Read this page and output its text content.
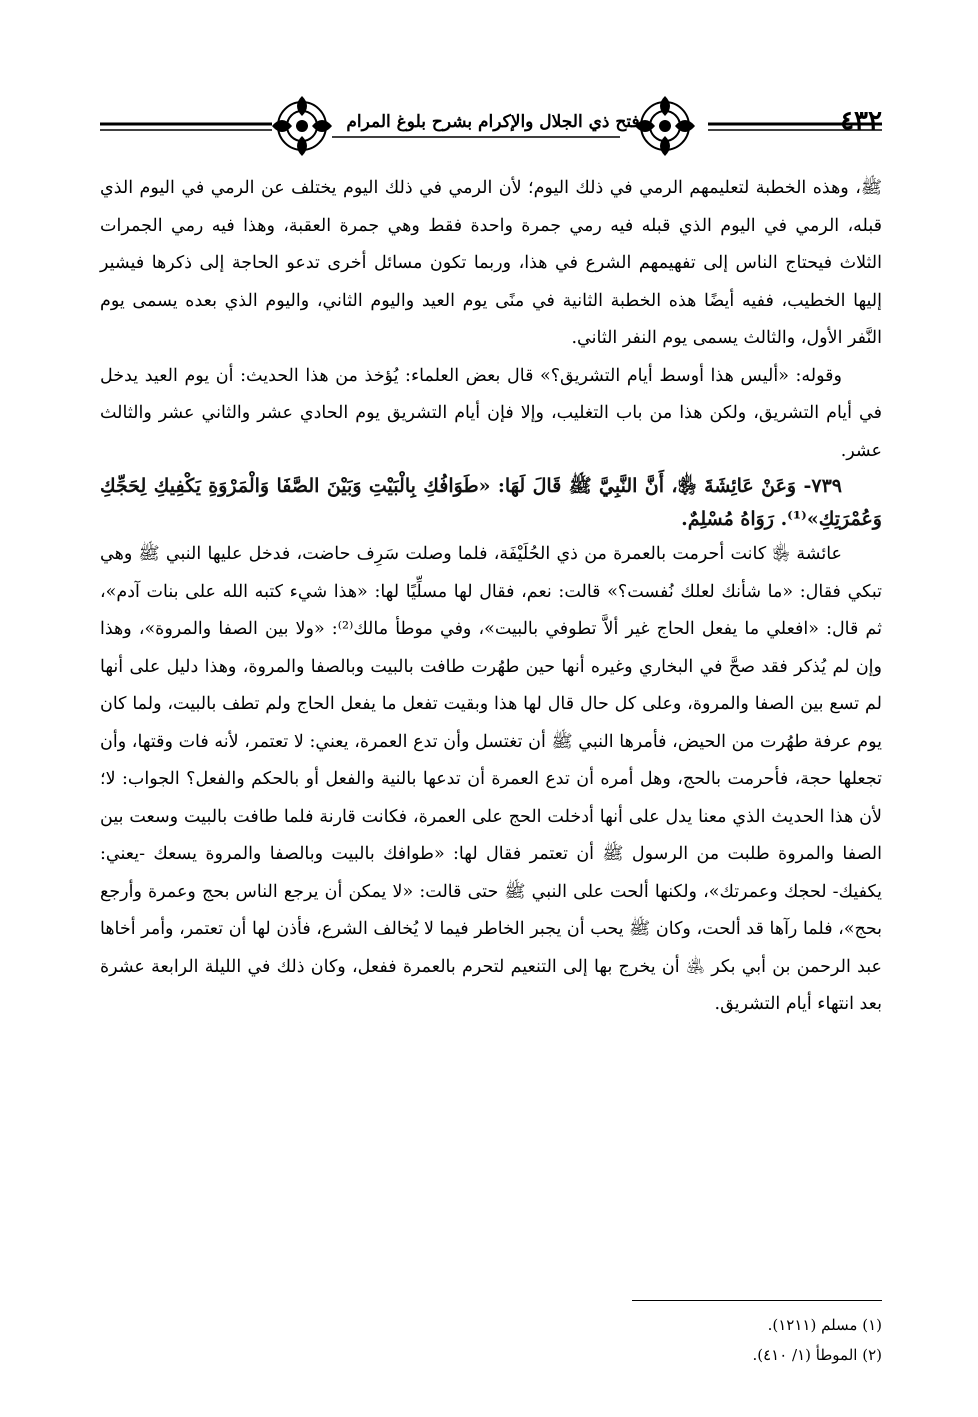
٤٣٢
فتح ذي الجلال والإكرام بشرح بلوغ المرام

ﷺ، وهذه الخطبة لتعليمهم الرمي في ذلك اليوم؛ لأن الرمي في ذلك اليوم يختلف عن الرمي في اليوم الذي قبله، الرمي في اليوم الذي قبله فيه رمي جمرة واحدة فقط وهي جمرة العقبة، وهذا فيه رمي الجمرات الثلاث فيحتاج الناس إلى تفهيمهم الشرع في هذا، وربما تكون مسائل أخرى تدعو الحاجة إلى ذكرها فيشير إليها الخطيب، ففيه أيضًا هذه الخطبة الثانية في منًى يوم العيد واليوم الثاني، واليوم الذي بعده يسمى يوم النَّفر الأول، والثالث يسمى يوم النفر الثاني.

وقوله: «أليس هذا أوسط أيام التشريق؟» قال بعض العلماء: يُؤخذ من هذا الحديث: أن يوم العيد يدخل في أيام التشريق، ولكن هذا من باب التغليب، وإلا فإن أيام التشريق يوم الحادي عشر والثاني عشر والثالث عشر.

٧٣٩- وَعَنْ عَائِشَةَ ﵂، أَنَّ النَّبِيَّ ﷺ قَالَ لَهَا: «طَوَافُكِ بِالْبَيْتِ وَبَيْنَ الصَّفَا وَالْمَرْوَةِ يَكْفِيكِ لِحَجِّكِ وَعُمْرَتِكِ»⁽¹⁾. رَوَاهُ مُسْلِمٌ.

عائشة ﵂ كانت أحرمت بالعمرة من ذي الحُلَيْفَة، فلما وصلت سَرِف حاضت، فدخل عليها النبي ﷺ وهي تبكي فقال: «ما شأنك لعلك نُفست؟» قالت: نعم، فقال لها مسلِّيًا لها: «هذا شيء كتبه الله على بنات آدم»، ثم قال: «افعلي ما يفعل الحاج غير ألاَّ تطوفي بالبيت»، وفي موطأ مالك⁽²⁾: «ولا بين الصفا والمروة»، وهذا وإن لم يُذكر فقد صحَّ في البخاري وغيره أنها حين طهُرت طافت بالبيت وبالصفا والمروة، وهذا دليل على أنها لم تسع بين الصفا والمروة، وعلى كل حال قال لها هذا وبقيت تفعل ما يفعل الحاج ولم تطف بالبيت، ولما كان يوم عرفة طهُرت من الحيض، فأمرها النبي ﷺ أن تغتسل وأن تدع العمرة، يعني: لا تعتمر، لأنه فات وقتها، وأن تجعلها حجة، فأحرمت بالحج، وهل أمره أن تدع العمرة أن تدعها بالنية والفعل أو بالحكم والفعل؟ الجواب: لا؛ لأن هذا الحديث الذي معنا يدل على أنها أدخلت الحج على العمرة، فكانت قارنة فلما طافت بالبيت وسعت بين الصفا والمروة طلبت من الرسول ﷺ أن تعتمر فقال لها: «طوافك بالبيت وبالصفا والمروة يسعك -يعني: يكفيك- لحجك وعمرتك»، ولكنها ألحت على النبي ﷺ حتى قالت: «لا يمكن أن يرجع الناس بحج وعمرة وأرجع بحج»، فلما رآها قد ألحت، وكان ﷺ يحب أن يجبر الخاطر فيما لا يُخالف الشرع، فأذن لها أن تعتمر، وأمر أخاها عبد الرحمن بن أبي بكر ﵁ أن يخرج بها إلى التنعيم لتحرم بالعمرة ففعل، وكان ذلك في الليلة الرابعة عشرة بعد انتهاء أيام التشريق.

(١) مسلم (١٢١١).

(٢) الموطأ (١/ ٤١٠).
